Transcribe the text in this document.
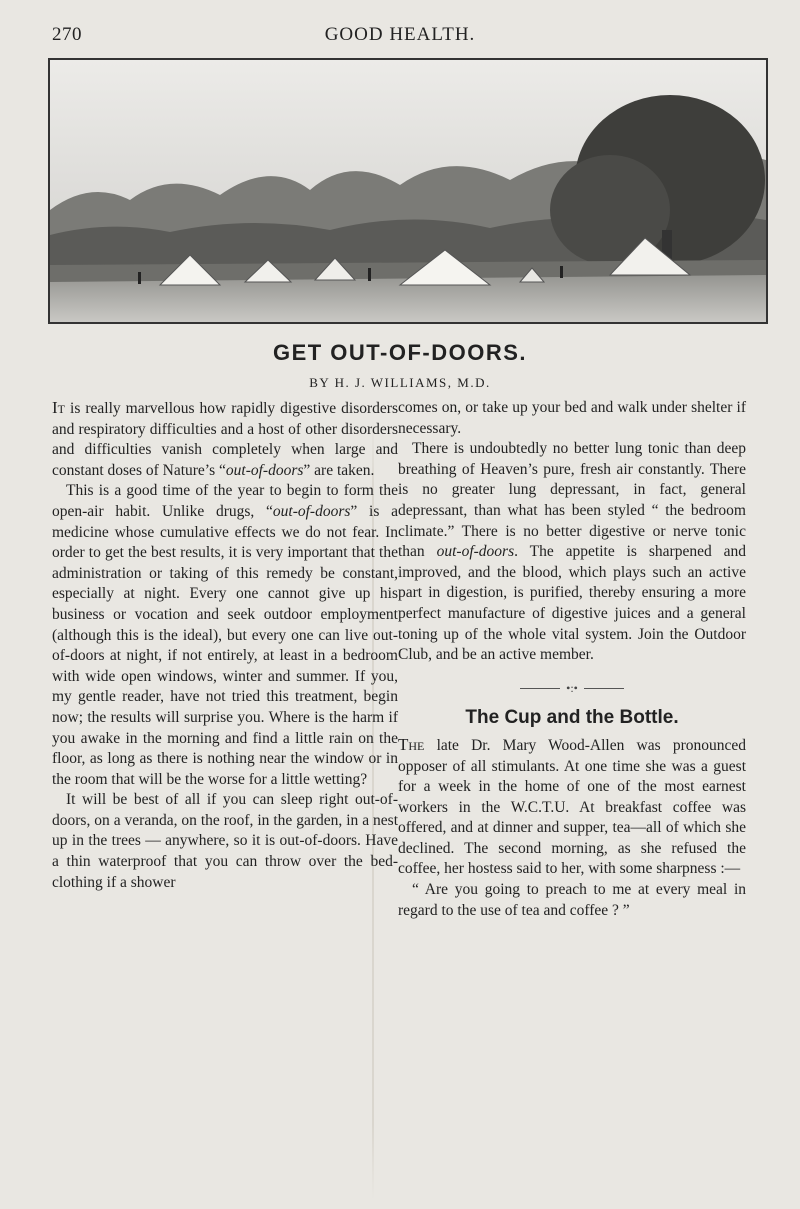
270	GOOD HEALTH.
GET OUT-OF-DOORS.
BY H. J. WILLIAMS, M.D.

It is really marvellous how rapidly digestive disorders and respiratory difficulties and a host of other disorders and difficulties vanish completely when large and constant doses of Nature’s “out-of-doors” are taken.

This is a good time of the year to begin to form the open-air habit. Unlike drugs, “out-of-doors” is a medicine whose cumulative effects we do not fear. In order to get the best results, it is very important that the administration or taking of this remedy be constant, especially at night. Every one cannot give up his business or vocation and seek outdoor employment (although this is the ideal), but every one can live out-of-doors at night, if not entirely, at least in a bedroom with wide open windows, winter and summer. If you, my gentle reader, have not tried this treatment, begin now; the results will surprise you. Where is the harm if you awake in the morning and find a little rain on the floor, as long as there is nothing near the window or in the room that will be the worse for a little wetting?

It will be best of all if you can sleep right out-of-doors, on a veranda, on the roof, in the garden, in a nest up in the trees — anywhere, so it is out-of-doors. Have a thin waterproof that you can throw over the bed-clothing if a shower

comes on, or take up your bed and walk under shelter if necessary.

There is undoubtedly no better lung tonic than deep breathing of Heaven’s pure, fresh air constantly. There is no greater lung depressant, in fact, general depressant, than what has been styled “ the bedroom climate.” There is no better digestive or nerve tonic than out-of-doors. The appetite is sharpened and improved, and the blood, which plays such an active part in digestion, is purified, thereby ensuring a more perfect manufacture of digestive juices and a general toning up of the whole vital system. Join the Outdoor Club, and be an active member.

•:•
The Cup and the Bottle.

The late Dr. Mary Wood-Allen was pronounced opposer of all stimulants. At one time she was a guest for a week in the home of one of the most earnest workers in the W.C.T.U. At breakfast coffee was offered, and at dinner and supper, tea—all of which she declined. The second morning, as she refused the coffee, her hostess said to her, with some sharpness :—

“ Are you going to preach to me at every meal in regard to the use of tea and coffee ? ”
